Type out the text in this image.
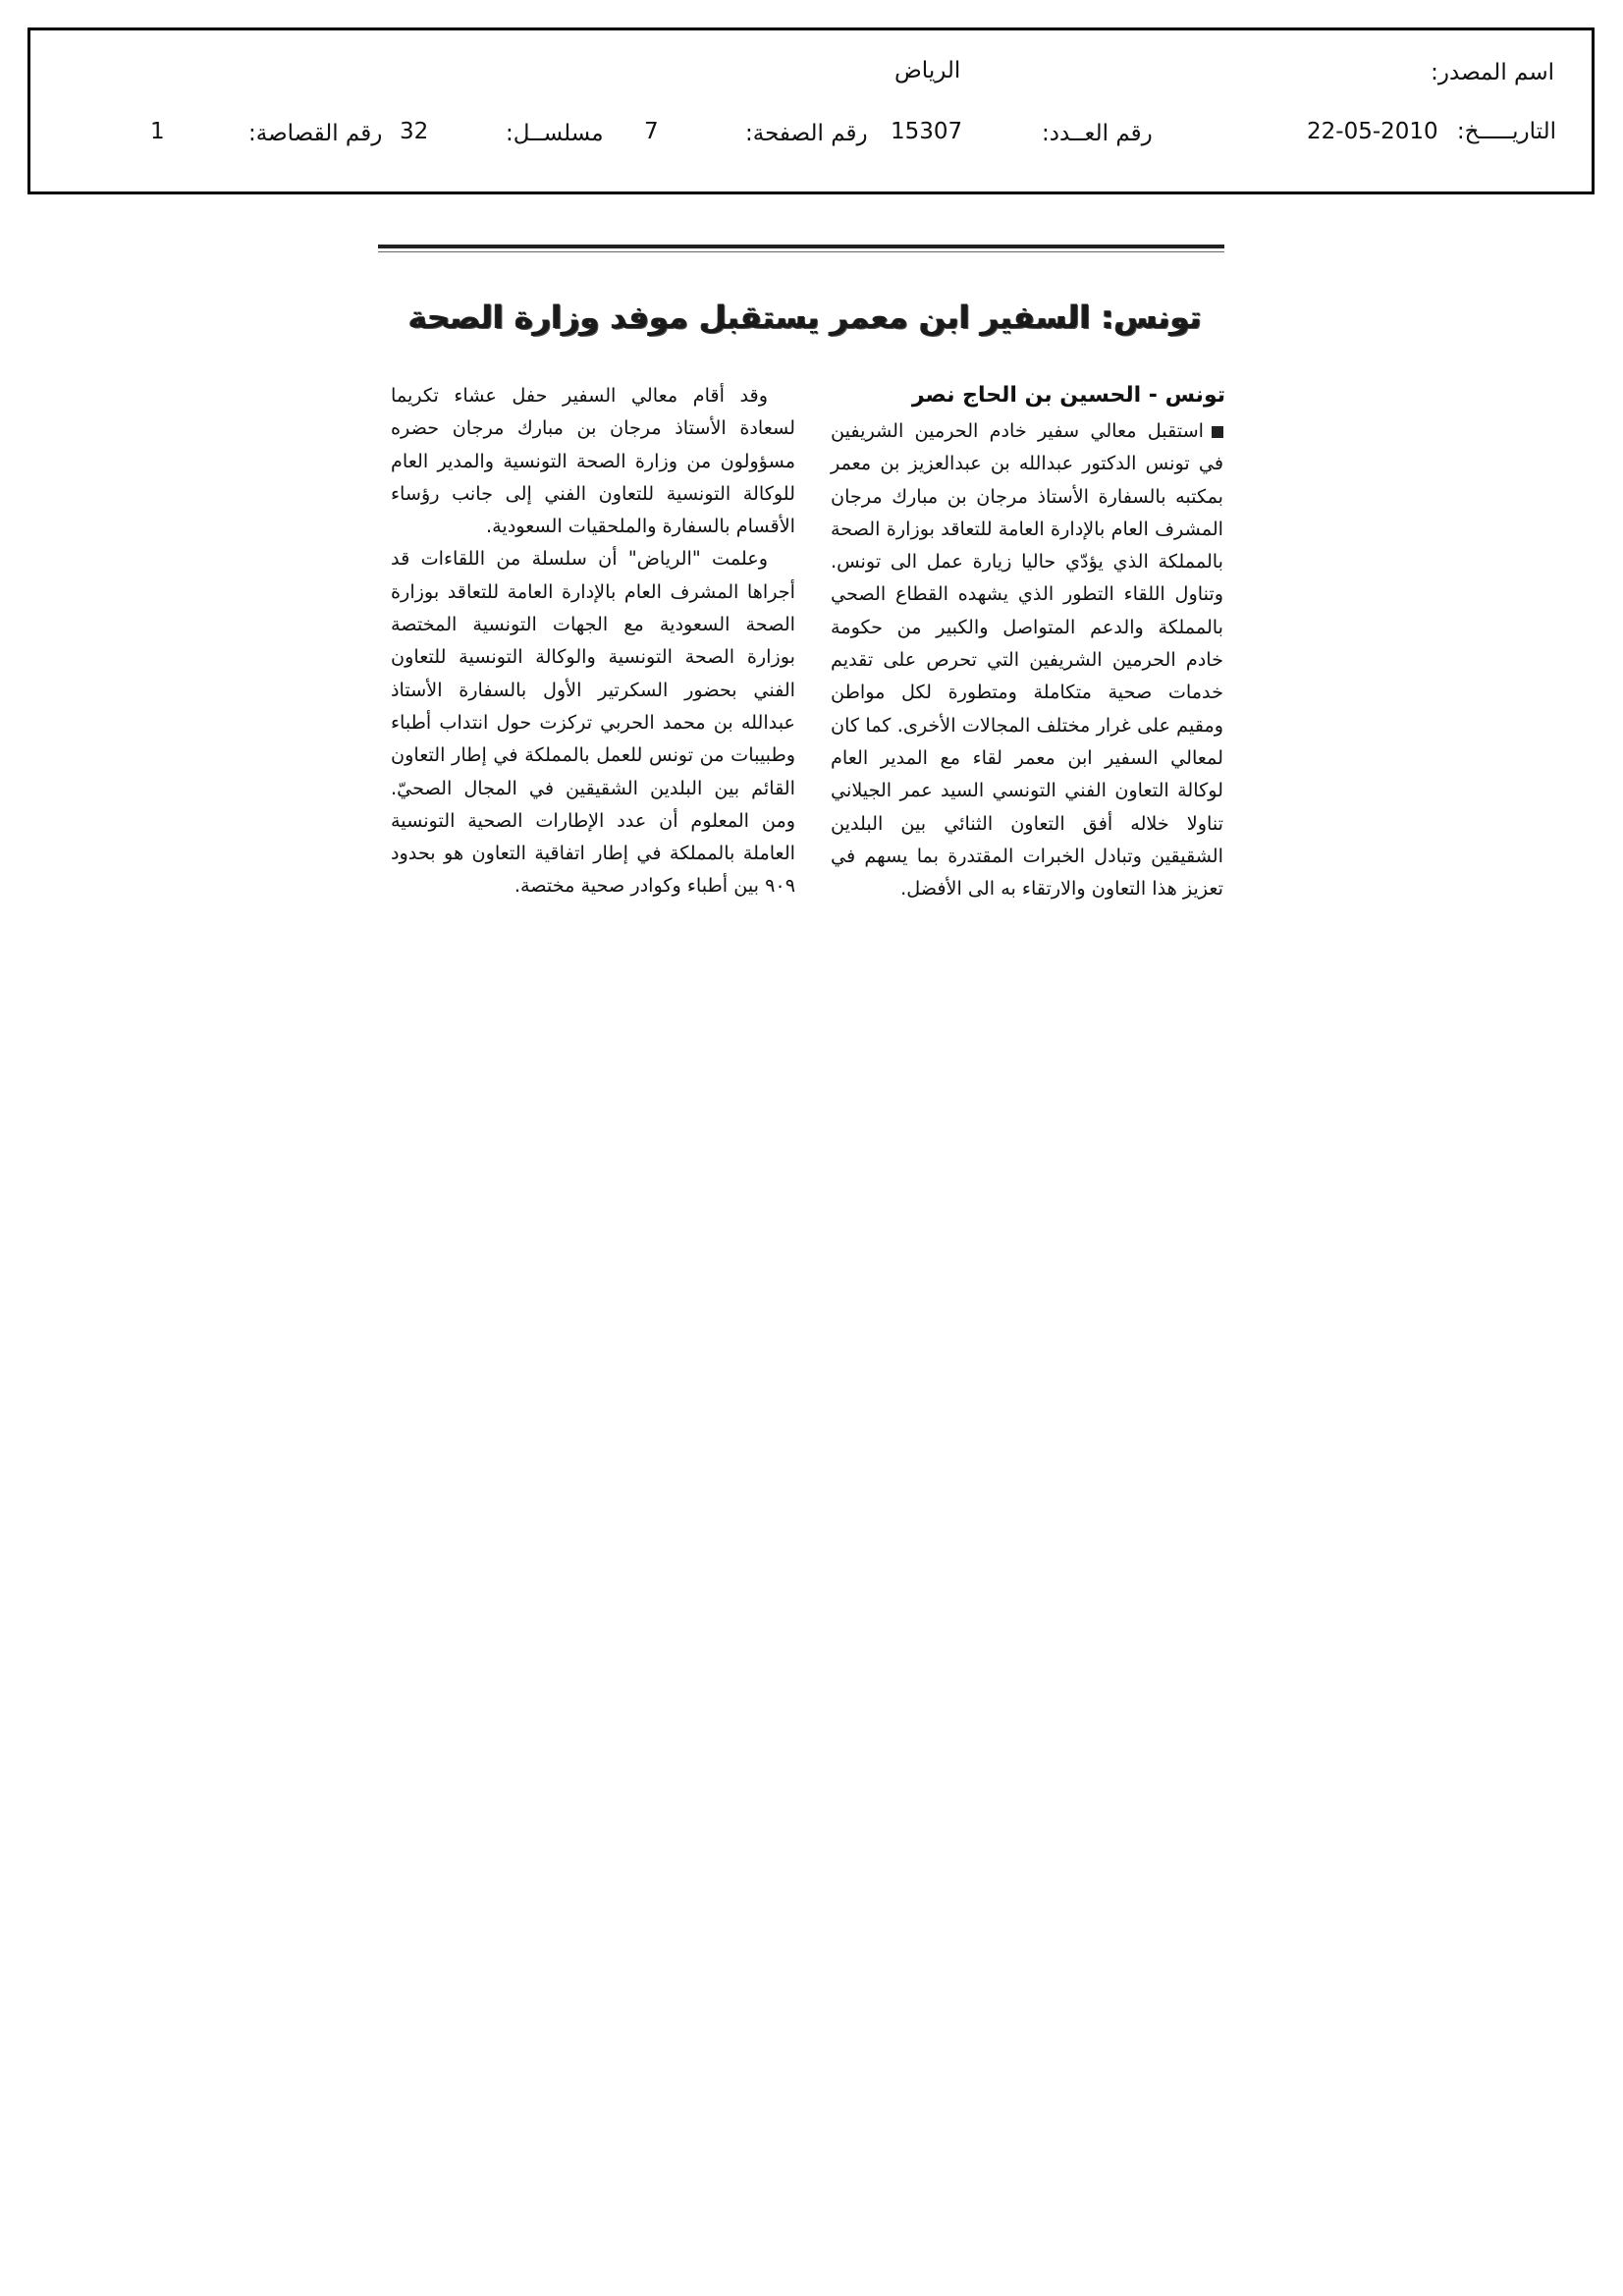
اسم المصدر:
الرياض
التاريـــــخ:
22-05-2010
رقم العــدد:
15307
رقم الصفحة:
7
مسلســل:
32
رقم القصاصة:
1
تونس: السفير ابن معمر يستقبل موفد وزارة الصحة
تونس - الحسين بن الحاج نصر

استقبل معالي سفير خادم الحرمين الشريفين في تونس الدكتور عبدالله بن عبدالعزيز بن معمر بمكتبه بالسفارة الأستاذ مرجان بن مبارك مرجان المشرف العام بالإدارة العامة للتعاقد بوزارة الصحة بالمملكة الذي يؤدّي حاليا زيارة عمل الى تونس. وتناول اللقاء التطور الذي يشهده القطاع الصحي بالمملكة والدعم المتواصل والكبير من حكومة خادم الحرمين الشريفين التي تحرص على تقديم خدمات صحية متكاملة ومتطورة لكل مواطن ومقيم على غرار مختلف المجالات الأخرى. كما كان لمعالي السفير ابن معمر لقاء مع المدير العام لوكالة التعاون الفني التونسي السيد عمر الجيلاني تناولا خلاله أفق التعاون الثنائي بين البلدين الشقيقين وتبادل الخبرات المقتدرة بما يسهم في تعزيز هذا التعاون والارتقاء به الى الأفضل.

وقد أقام معالي السفير حفل عشاء تكريما لسعادة الأستاذ مرجان بن مبارك مرجان حضره مسؤولون من وزارة الصحة التونسية والمدير العام للوكالة التونسية للتعاون الفني إلى جانب رؤساء الأقسام بالسفارة والملحقيات السعودية.

وعلمت "الرياض" أن سلسلة من اللقاءات قد أجراها المشرف العام بالإدارة العامة للتعاقد بوزارة الصحة السعودية مع الجهات التونسية المختصة بوزارة الصحة التونسية والوكالة التونسية للتعاون الفني بحضور السكرتير الأول بالسفارة الأستاذ عبدالله بن محمد الحربي تركزت حول انتداب أطباء وطبيبات من تونس للعمل بالمملكة في إطار التعاون القائم بين البلدين الشقيقين في المجال الصحيّ. ومن المعلوم أن عدد الإطارات الصحية التونسية العاملة بالمملكة في إطار اتفاقية التعاون هو بحدود ٩٠٩ بين أطباء وكوادر صحية مختصة.
